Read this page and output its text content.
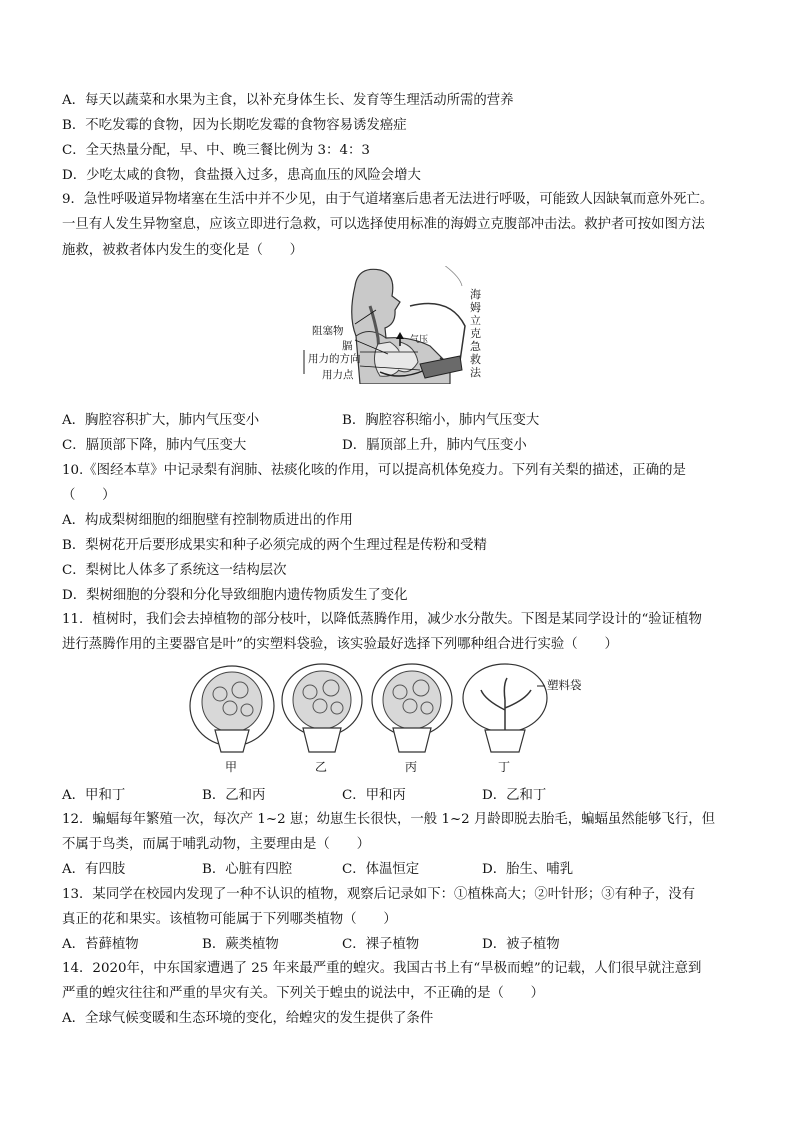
A．每天以蔬菜和水果为主食，以补充身体生长、发育等生理活动所需的营养
B．不吃发霉的食物，因为长期吃发霉的食物容易诱发癌症
C．全天热量分配，早、中、晚三餐比例为 3：4：3
D．少吃太咸的食物，食盐摄入过多，患高血压的风险会增大
9．急性呼吸道异物堵塞在生活中并不少见，由于气道堵塞后患者无法进行呼吸，可能致人因缺氧而意外死亡。
一旦有人发生异物窒息，应该立即进行急救，可以选择使用标准的海姆立克腹部冲击法。救护者可按如图方法
施救，被救者体内发生的变化是（　　）
阻塞物
膈
用力的方向
用力点
气压
海姆立克急救法
A．胸腔容积扩大，肺内气压变小	B．胸腔容积缩小，肺内气压变大
C．膈顶部下降，肺内气压变大	D．膈顶部上升，肺内气压变小
10.《图经本草》中记录梨有润肺、祛痰化咳的作用，可以提高机体免疫力。下列有关梨的描述，正确的是
（　　）
A．构成梨树细胞的细胞壁有控制物质进出的作用
B．梨树花开后要形成果实和种子必须完成的两个生理过程是传粉和受精
C．梨树比人体多了系统这一结构层次
D．梨树细胞的分裂和分化导致细胞内遗传物质发生了变化
11．植树时，我们会去掉植物的部分枝叶，以降低蒸腾作用，减少水分散失。下图是某同学设计的“验证植物
进行蒸腾作用的主要器官是叶”的实塑料袋验，该实验最好选择下列哪种组合进行实验（　　）
塑料袋
甲	乙	丙	丁
A．甲和丁	B．乙和丙	C．甲和丙	D．乙和丁
12．蝙蝠每年繁殖一次，每次产 1~2 崽；幼崽生长很快，一般 1~2 月龄即脱去胎毛，蝙蝠虽然能够飞行，但
不属于鸟类，而属于哺乳动物，主要理由是（　　）
A．有四肢	B．心脏有四腔	C．体温恒定	D．胎生、哺乳
13．某同学在校园内发现了一种不认识的植物，观察后记录如下：①植株高大；②叶针形；③有种子，没有
真正的花和果实。该植物可能属于下列哪类植物（　　）
A．苔藓植物	B．蕨类植物	C．裸子植物	D．被子植物
14．2020年，中东国家遭遇了 25 年来最严重的蝗灾。我国古书上有“旱极而蝗”的记载，人们很早就注意到
严重的蝗灾往往和严重的旱灾有关。下列关于蝗虫的说法中，不正确的是（　　）
A．全球气候变暖和生态环境的变化，给蝗灾的发生提供了条件
